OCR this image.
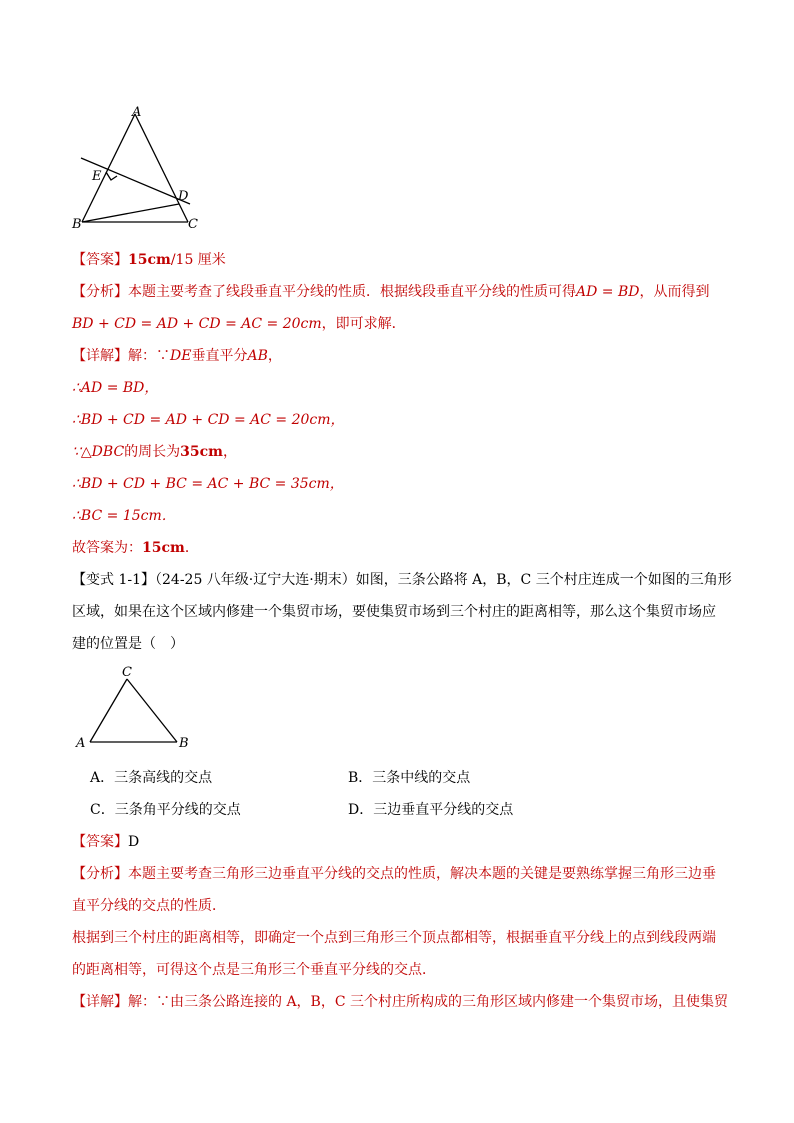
A
E
D
B	C
【答案】15cm/15 厘米
【分析】本题主要考查了线段垂直平分线的性质．根据线段垂直平分线的性质可得AD = BD，从而得到
BD + CD = AD + CD = AC = 20cm，即可求解．
【详解】解：∵DE垂直平分AB，
∴AD = BD，
∴BD + CD = AD + CD = AC = 20cm，
∵△DBC的周长为35cm，
∴BD + CD + BC = AC + BC = 35cm，
∴BC = 15cm．
故答案为：15cm．
【变式 1-1】（24-25 八年级·辽宁大连·期末）如图，三条公路将 A，B，C 三个村庄连成一个如图的三角形
区域，如果在这个区域内修建一个集贸市场，要使集贸市场到三个村庄的距离相等，那么这个集贸市场应
建的位置是（　）
C
A	B
A．三条高线的交点	B．三条中线的交点
C．三条角平分线的交点	D．三边垂直平分线的交点
【答案】D
【分析】本题主要考查三角形三边垂直平分线的交点的性质，解决本题的关键是要熟练掌握三角形三边垂
直平分线的交点的性质．
根据到三个村庄的距离相等，即确定一个点到三角形三个顶点都相等，根据垂直平分线上的点到线段两端
的距离相等，可得这个点是三角形三个垂直平分线的交点．
【详解】解：∵由三条公路连接的 A，B，C 三个村庄所构成的三角形区域内修建一个集贸市场，且使集贸
